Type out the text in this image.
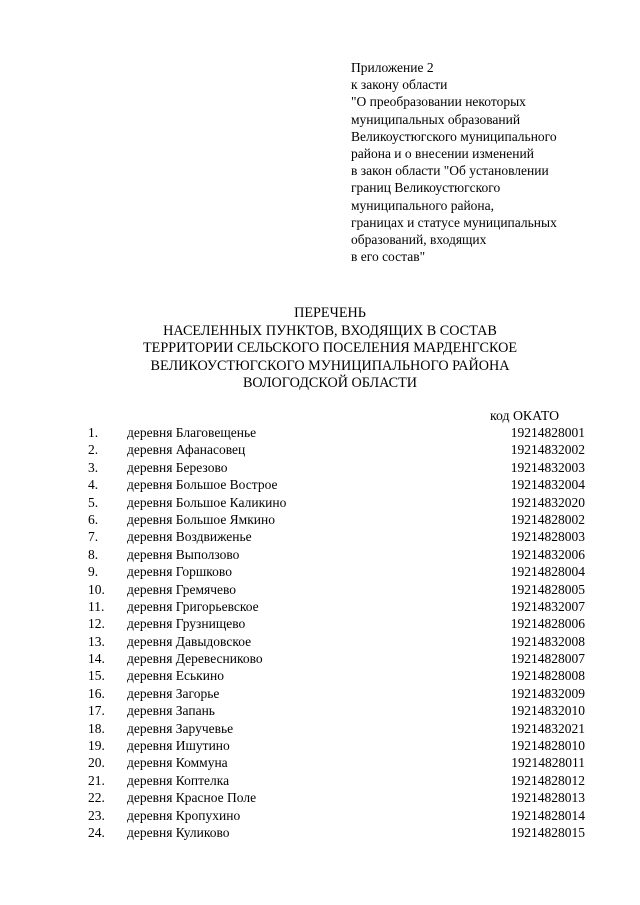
Приложение 2
к закону области
"О преобразовании некоторых
муниципальных образований
Великоустюгского муниципального
района и о внесении изменений
в закон области "Об установлении
границ Великоустюгского
муниципального района,
границах и статусе муниципальных
образований, входящих
в его состав"
ПЕРЕЧЕНЬ
НАСЕЛЕННЫХ ПУНКТОВ, ВХОДЯЩИХ В СОСТАВ
ТЕРРИТОРИИ СЕЛЬСКОГО ПОСЕЛЕНИЯ МАРДЕНГСКОЕ
ВЕЛИКОУСТЮГСКОГО МУНИЦИПАЛЬНОГО РАЙОНА
ВОЛОГОДСКОЙ ОБЛАСТИ
код ОКАТО
1. деревня Благовещенье	19214828001
2. деревня Афанасовец	19214832002
3. деревня Березово	19214832003
4. деревня Большое Вострое	19214832004
5. деревня Большое Каликино	19214832020
6. деревня Большое Ямкино	19214828002
7. деревня Воздвиженье	19214828003
8. деревня Выползово	19214832006
9. деревня Горшково	19214828004
10. деревня Гремячево	19214828005
11. деревня Григорьевское	19214832007
12. деревня Грузнищево	19214828006
13. деревня Давыдовское	19214832008
14. деревня Деревесниково	19214828007
15. деревня Еськино	19214828008
16. деревня Загорье	19214832009
17. деревня Запань	19214832010
18. деревня Заручевье	19214832021
19. деревня Ишутино	19214828010
20. деревня Коммуна	19214828011
21. деревня Коптелка	19214828012
22. деревня Красное Поле	19214828013
23. деревня Кропухино	19214828014
24. деревня Куликово	19214828015
